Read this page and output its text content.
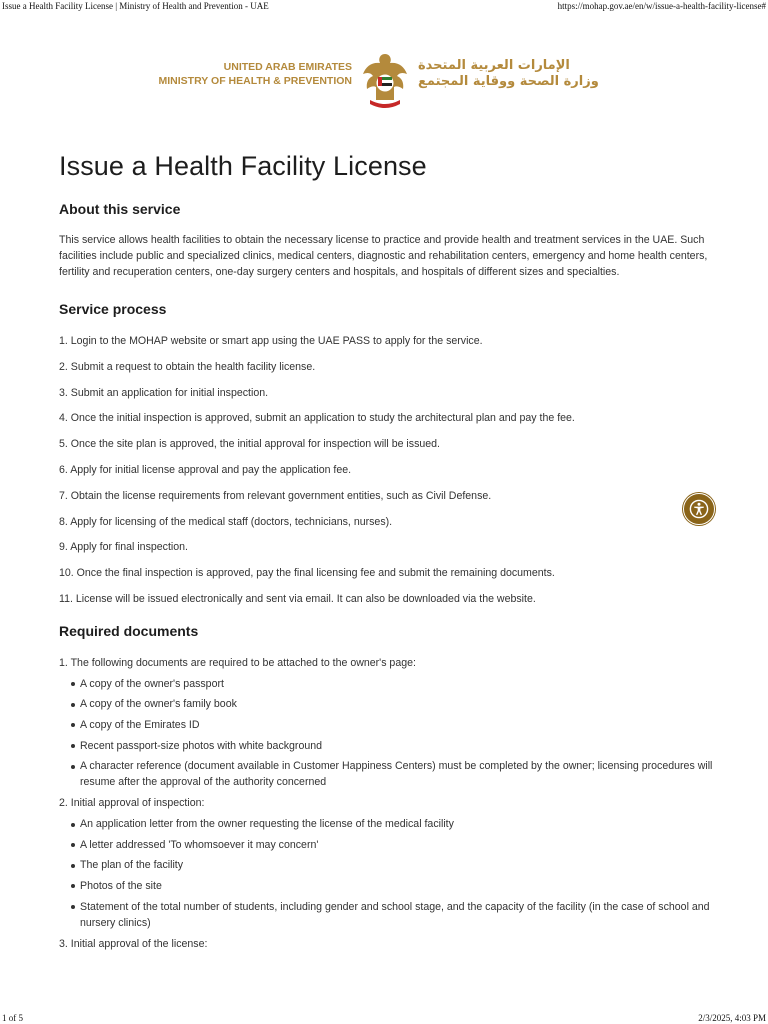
Issue a Health Facility License | Ministry of Health and Prevention - UAE	https://mohap.gov.ae/en/w/issue-a-health-facility-license#
UNITED ARAB EMIRATES
MINISTRY OF HEALTH & PREVENTION
الإمارات العربية المتحدة
وزارة الصحة ووقاية المجتمع
Issue a Health Facility License
About this service

This service allows health facilities to obtain the necessary license to practice and provide health and treatment services in the UAE. Such facilities include public and specialized clinics, medical centers, diagnostic and rehabilitation centers, emergency and home health centers, fertility and recuperation centers, one-day surgery centers and hospitals, and hospitals of different sizes and specialties.

Service process
1. Login to the MOHAP website or smart app using the UAE PASS to apply for the service.
2. Submit a request to obtain the health facility license.
3. Submit an application for initial inspection.
4. Once the initial inspection is approved, submit an application to study the architectural plan and pay the fee.
5. Once the site plan is approved, the initial approval for inspection will be issued.
6. Apply for initial license approval and pay the application fee.
7. Obtain the license requirements from relevant government entities, such as Civil Defense.
8. Apply for licensing of the medical staff (doctors, technicians, nurses).
9. Apply for final inspection.
10. Once the final inspection is approved, pay the final licensing fee and submit the remaining documents.
11. License will be issued electronically and sent via email. It can also be downloaded via the website.
Required documents
1. The following documents are required to be attached to the owner's page:
A copy of the owner's passport
A copy of the owner's family book
A copy of the Emirates ID
Recent passport-size photos with white background
A character reference (document available in Customer Happiness Centers) must be completed by the owner; licensing procedures will resume after the approval of the authority concerned
2. Initial approval of inspection:
An application letter from the owner requesting the license of the medical facility
A letter addressed 'To whomsoever it may concern'
The plan of the facility
Photos of the site
Statement of the total number of students, including gender and school stage, and the capacity of the facility (in the case of school and nursery clinics)
3. Initial approval of the license:
1 of 5	2/3/2025, 4:03 PM
